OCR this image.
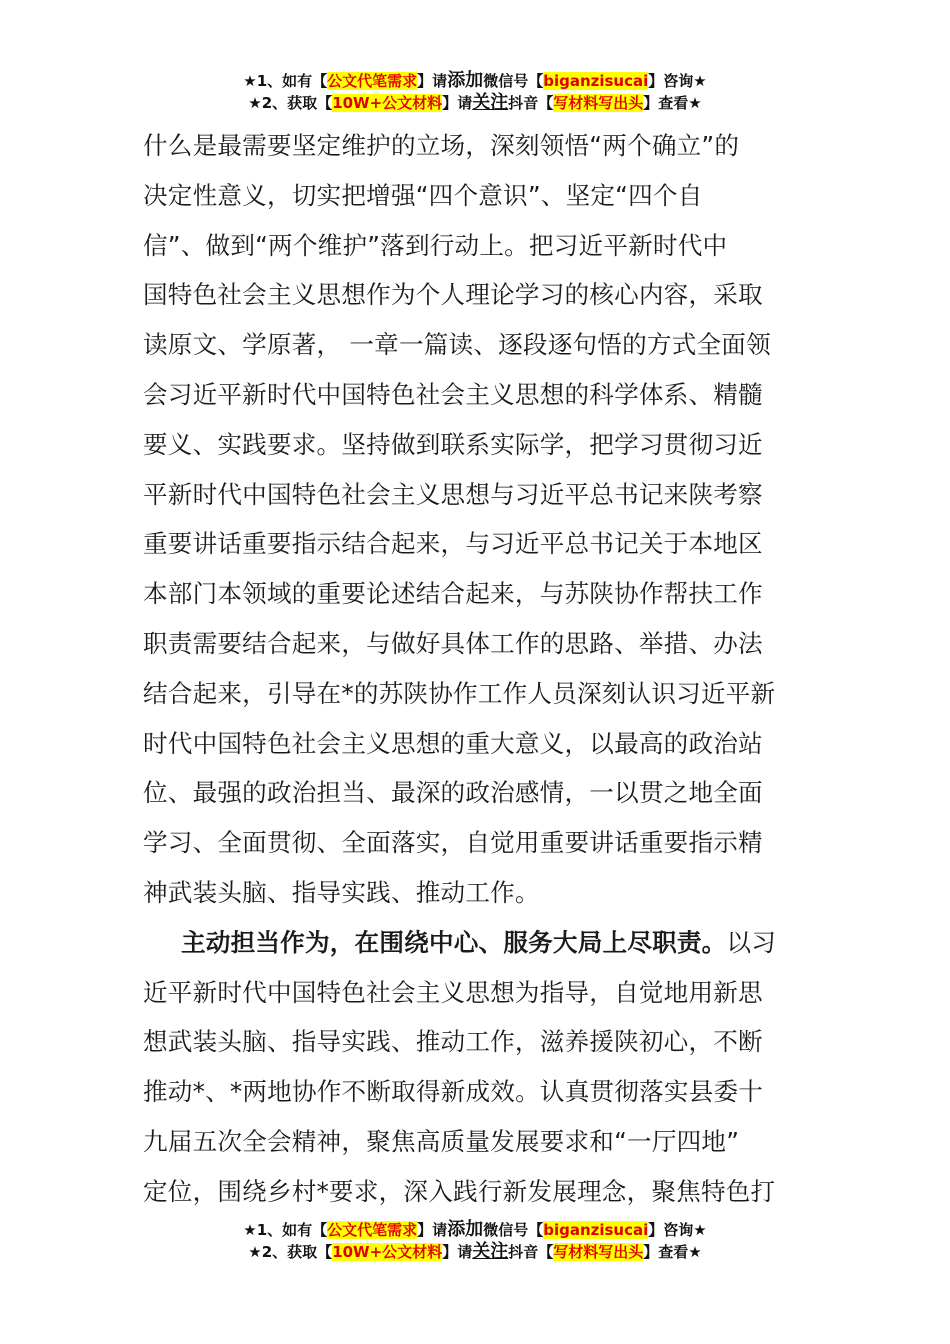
★1、如有【公文代笔需求】请添加微信号【biganzisucai】咨询★
★2、获取【10W+公文材料】请关注抖音【写材料写出头】查看★
什么是最需要坚定维护的立场，深刻领悟“两个确立”的
决定性意义，切实把增强“四个意识”、坚定“四个自
信”、做到“两个维护”落到行动上。把习近平新时代中
国特色社会主义思想作为个人理论学习的核心内容，采取
读原文、学原著， 一章一篇读、逐段逐句悟的方式全面领
会习近平新时代中国特色社会主义思想的科学体系、精髓
要义、实践要求。坚持做到联系实际学，把学习贯彻习近
平新时代中国特色社会主义思想与习近平总书记来陕考察
重要讲话重要指示结合起来，与习近平总书记关于本地区
本部门本领域的重要论述结合起来，与苏陕协作帮扶工作
职责需要结合起来，与做好具体工作的思路、举措、办法
结合起来，引导在*的苏陕协作工作人员深刻认识习近平新
时代中国特色社会主义思想的重大意义，以最高的政治站
位、最强的政治担当、最深的政治感情，一以贯之地全面
学习、全面贯彻、全面落实，自觉用重要讲话重要指示精
神武装头脑、指导实践、推动工作。
主动担当作为，在围绕中心、服务大局上尽职责。以习
近平新时代中国特色社会主义思想为指导，自觉地用新思
想武装头脑、指导实践、推动工作，滋养援陕初心，不断
推动*、*两地协作不断取得新成效。认真贯彻落实县委十
九届五次全会精神，聚焦高质量发展要求和“一厅四地”
定位，围绕乡村*要求，深入践行新发展理念，聚焦特色打
★1、如有【公文代笔需求】请添加微信号【biganzisucai】咨询★
★2、获取【10W+公文材料】请关注抖音【写材料写出头】查看★
